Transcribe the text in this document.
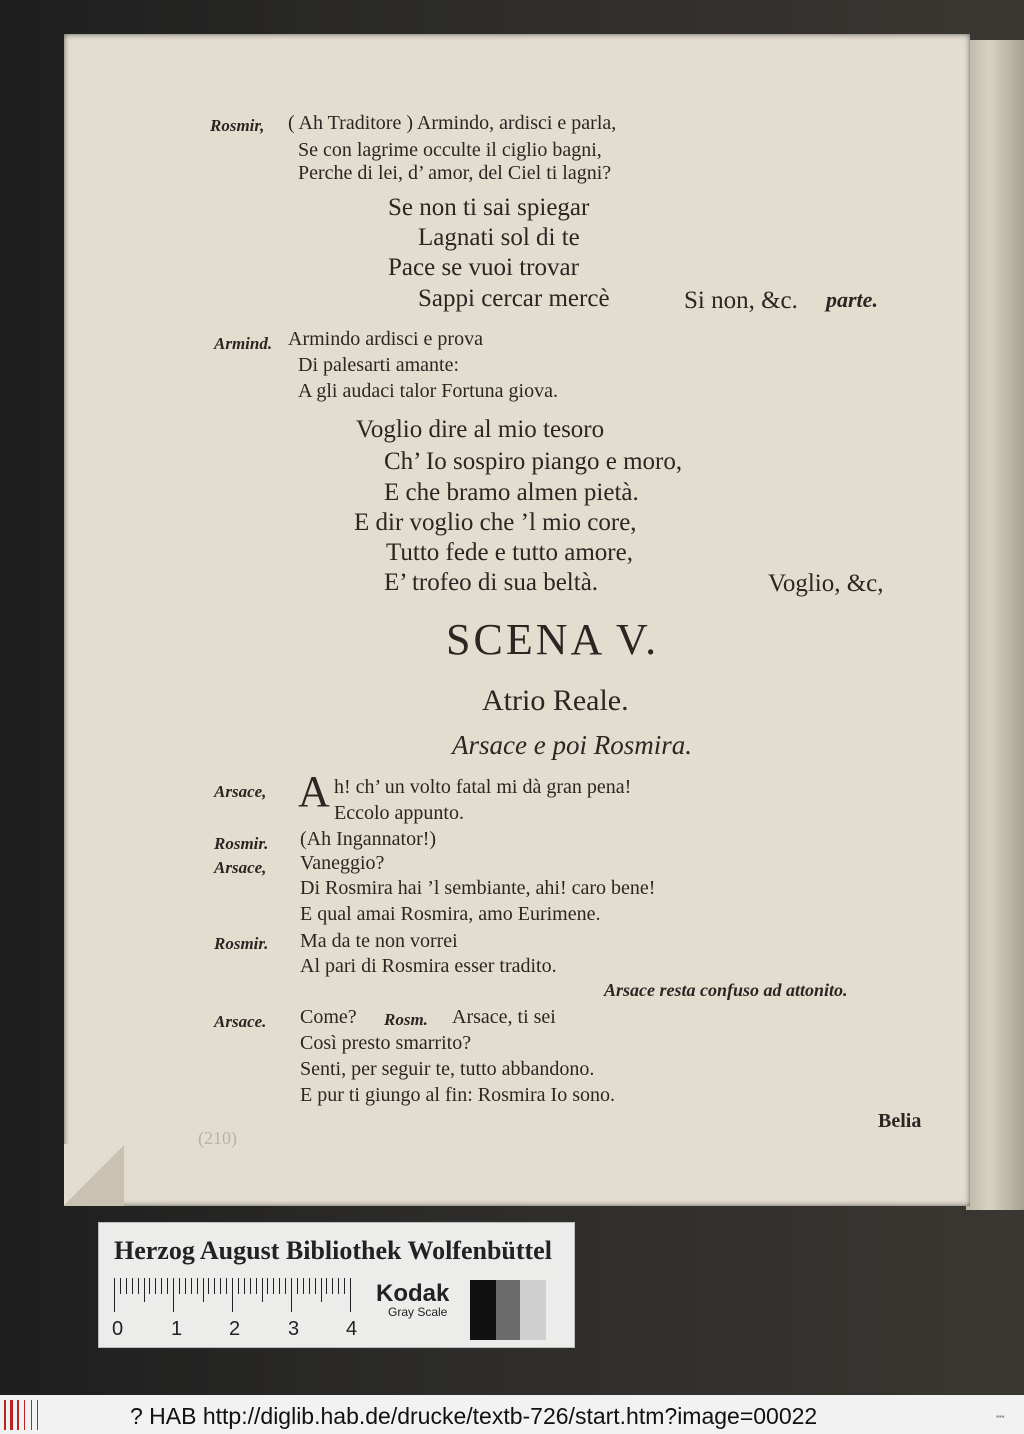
Rosmir, ( Ah Traditore ) Armindo, ardisci e parla,
Se con lagrime occulte il ciglio bagni,
Perche di lei, d’ amor, del Ciel ti lagni?
Se non ti sai spiegar
Lagnati sol di te
Pace se vuoi trovar
Sappi cercar mercè	Si non, &c. parte.
Armind. Armindo ardisci e prova
Di palesarti amante:
A gli audaci talor Fortuna giova.
Voglio dire al mio tesoro
Ch’ Io sospiro piango e moro,
E che bramo almen pietà.
E dir voglio che ’l mio core,
Tutto fede e tutto amore,
E’ trofeo di sua beltà.	Voglio, &c,
SCENA V.
Atrio Reale.
Arsace e poi Rosmira.
Arsace, A h! ch’ un volto fatal mi dà gran pena!
Eccolo appunto.
Rosmir. (Ah Ingannator!)
Arsace, Vaneggio?
Di Rosmira hai ’l sembiante, ahi! caro bene!
E qual amai Rosmira, amo Eurimene.
Rosmir. Ma da te non vorrei
Al pari di Rosmira esser tradito.
Arsace resta confuso ad attonito.
Arsace. Come? Rosm. Arsace, ti sei
Così presto smarrito?
Senti, per seguir te, tutto abbandono.
E pur ti giungo al fin: Rosmira Io sono.
(210)
Belia
Herzog August Bibliothek Wolfenbüttel
0 1 2 3 4
Kodak
Gray Scale
? HAB http://diglib.hab.de/drucke/textb-726/start.htm?image=00022	▪▪▪
